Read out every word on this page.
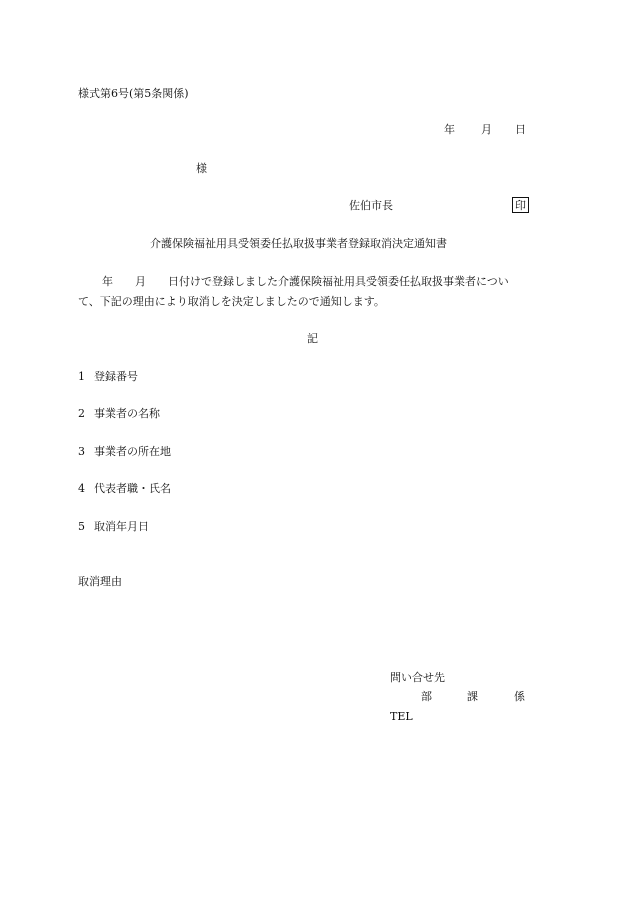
様式第6号(第5条関係)
年 月 日
様
佐伯市長	印
介護保険福祉用具受領委任払取扱事業者登録取消決定通知書
年 月 日付けで登録しました介護保険福祉用具受領委任払取扱事業者につい
て、下記の理由により取消しを決定しましたので通知します。
記
1 登録番号
2 事業者の名称
3 事業者の所在地
4 代表者職・氏名
5 取消年月日
取消理由
問い合せ先
部	課	係
TEL
